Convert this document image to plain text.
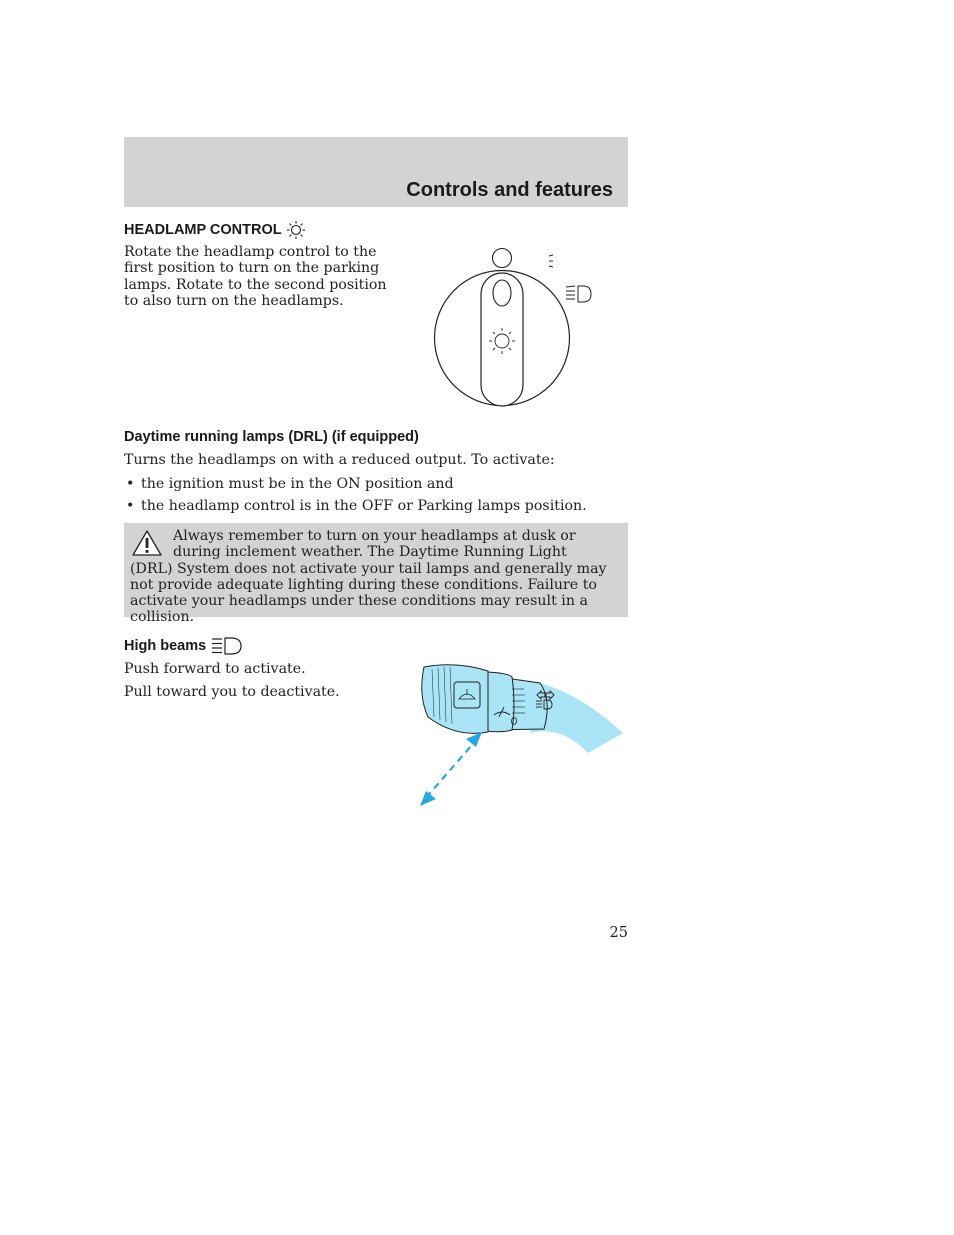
Controls and features
HEADLAMP CONTROL
Rotate the headlamp control to the
first position to turn on the parking
lamps. Rotate to the second position
to also turn on the headlamps.
Daytime running lamps (DRL) (if equipped)
Turns the headlamps on with a reduced output. To activate:
• the ignition must be in the ON position and
• the headlamp control is in the OFF or Parking lamps position.

Always remember to turn on your headlamps at dusk or during inclement weather. The Daytime Running Light (DRL) System does not activate your tail lamps and generally may not provide adequate lighting during these conditions. Failure to activate your headlamps under these conditions may result in a collision.

High beams
Push forward to activate.
Pull toward you to deactivate.
25
